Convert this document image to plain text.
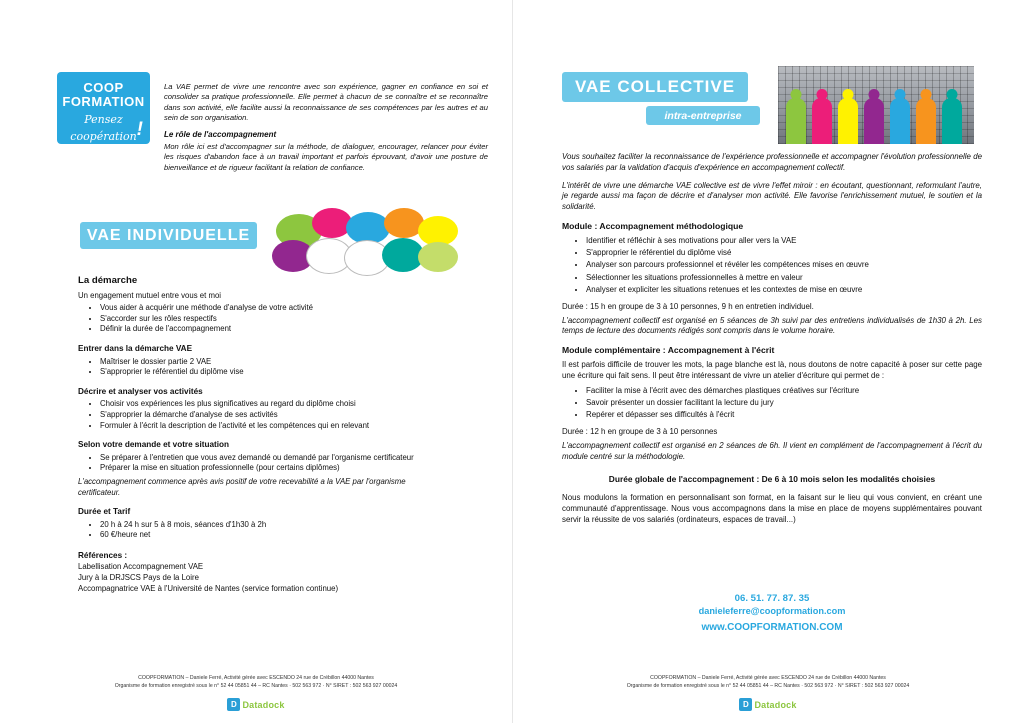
COOP
FORMATION
Pensez
coopération !
La VAE permet de vivre une rencontre avec son expérience, gagner en confiance en soi et consolider sa pratique professionnelle. Elle permet à chacun de se connaître et se reconnaître dans son activité, elle facilite aussi la reconnaissance de ses compétences par les autres et au sein de son organisation.
Le rôle de l'accompagnement
Mon rôle ici est d'accompagner sur la méthode, de dialoguer, encourager, relancer pour éviter les risques d'abandon face à un travail important et parfois éprouvant, d'avoir une posture de bienveillance et de rigueur facilitant la relation de confiance.
VAE INDIVIDUELLE
La démarche
Un engagement mutuel entre vous et moi
• Vous aider à acquérir une méthode d'analyse de votre activité
• S'accorder sur les rôles respectifs
• Définir la durée de l'accompagnement
Entrer dans la démarche VAE
• Maîtriser le dossier partie 2 VAE
• S'approprier le référentiel du diplôme vise
Décrire et analyser vos activités
• Choisir vos expériences les plus significatives au regard du diplôme choisi
• S'approprier la démarche d'analyse de ses activités
• Formuler à l'écrit la description de l'activité et les compétences qui en relevant
Selon votre demande et votre situation
• Se préparer à l'entretien que vous avez demandé ou demandé par l'organisme certificateur
• Préparer la mise en situation professionnelle (pour certains diplômes)
L'accompagnement commence après avis positif de votre recevabilité a la VAE par l'organisme certificateur.
Durée et Tarif
• 20 h à 24 h sur 5 à 8 mois, séances d'1h30 à 2h
• 60 €/heure net
Références :
Labellisation Accompagnement VAE
Jury à la DRJSCS Pays de la Loire
Accompagnatrice VAE à l'Université de Nantes (service formation continue)
COOPFORMATION – Daniele Ferré, Activité gérée avec ESCENDO 24 rue de Crébillon 44000 Nantes
Organisme de formation enregistré sous le n° 52 44 05851 44 – RC Nantes · 502 563 972 · N° SIRET : 502 563 927 00024
D Datadock
VAE COLLECTIVE
intra-entreprise
Vous souhaitez faciliter la reconnaissance de l'expérience professionnelle et accompagner l'évolution professionnelle de vos salariés par la validation d'acquis d'expérience en accompagnement collectif.
L'intérêt de vivre une démarche VAE collective est de vivre l'effet miroir : en écoutant, questionnant, reformulant l'autre, je regarde aussi ma façon de décrire et d'analyser mon activité. Elle favorise l'enrichissement mutuel, le soutien et la solidarité.
Module : Accompagnement méthodologique
• Identifier et réfléchir à ses motivations pour aller vers la VAE
• S'approprier le référentiel du diplôme visé
• Analyser son parcours professionnel et révéler les compétences mises en œuvre
• Sélectionner les situations professionnelles à mettre en valeur
• Analyser et expliciter les situations retenues et les contextes de mise en œuvre
Durée : 15 h en groupe de 3 à 10 personnes, 9 h en entretien individuel.
L'accompagnement collectif est organisé en 5 séances de 3h suivi par des entretiens individualisés de 1h30 à 2h. Les temps de lecture des documents rédigés sont compris dans le volume horaire.
Module complémentaire : Accompagnement à l'écrit
Il est parfois difficile de trouver les mots, la page blanche est là, nous doutons de notre capacité à poser sur cette page une écriture qui fait sens. Il peut être intéressant de vivre un atelier d'écriture qui permet de :
• Faciliter la mise à l'écrit avec des démarches plastiques créatives sur l'écriture
• Savoir présenter un dossier facilitant la lecture du jury
• Repérer et dépasser ses difficultés à l'écrit
Durée : 12 h en groupe de 3 à 10 personnes
L'accompagnement collectif est organisé en 2 séances de 6h. Il vient en complément de l'accompagnement à l'écrit du module centré sur la méthodologie.
Durée globale de l'accompagnement : De 6 à 10 mois selon les modalités choisies
Nous modulons la formation en personnalisant son format, en la faisant sur le lieu qui vous convient, en créant une communauté d'apprentissage. Nous vous accompagnons dans la mise en place de moyens supplémentaires pouvant servir la réussite de vos salariés (ordinateurs, espaces de travail...)
06. 51. 77. 87. 35
danieleferre@coopformation.com
www.COOPFORMATION.COM
COOPFORMATION – Daniele Ferré, Activité gérée avec ESCENDO 24 rue de Crébillon 44000 Nantes
Organisme de formation enregistré sous le n° 52 44 05851 44 – RC Nantes · 502 563 972 · N° SIRET : 502 563 927 00024
D Datadock
